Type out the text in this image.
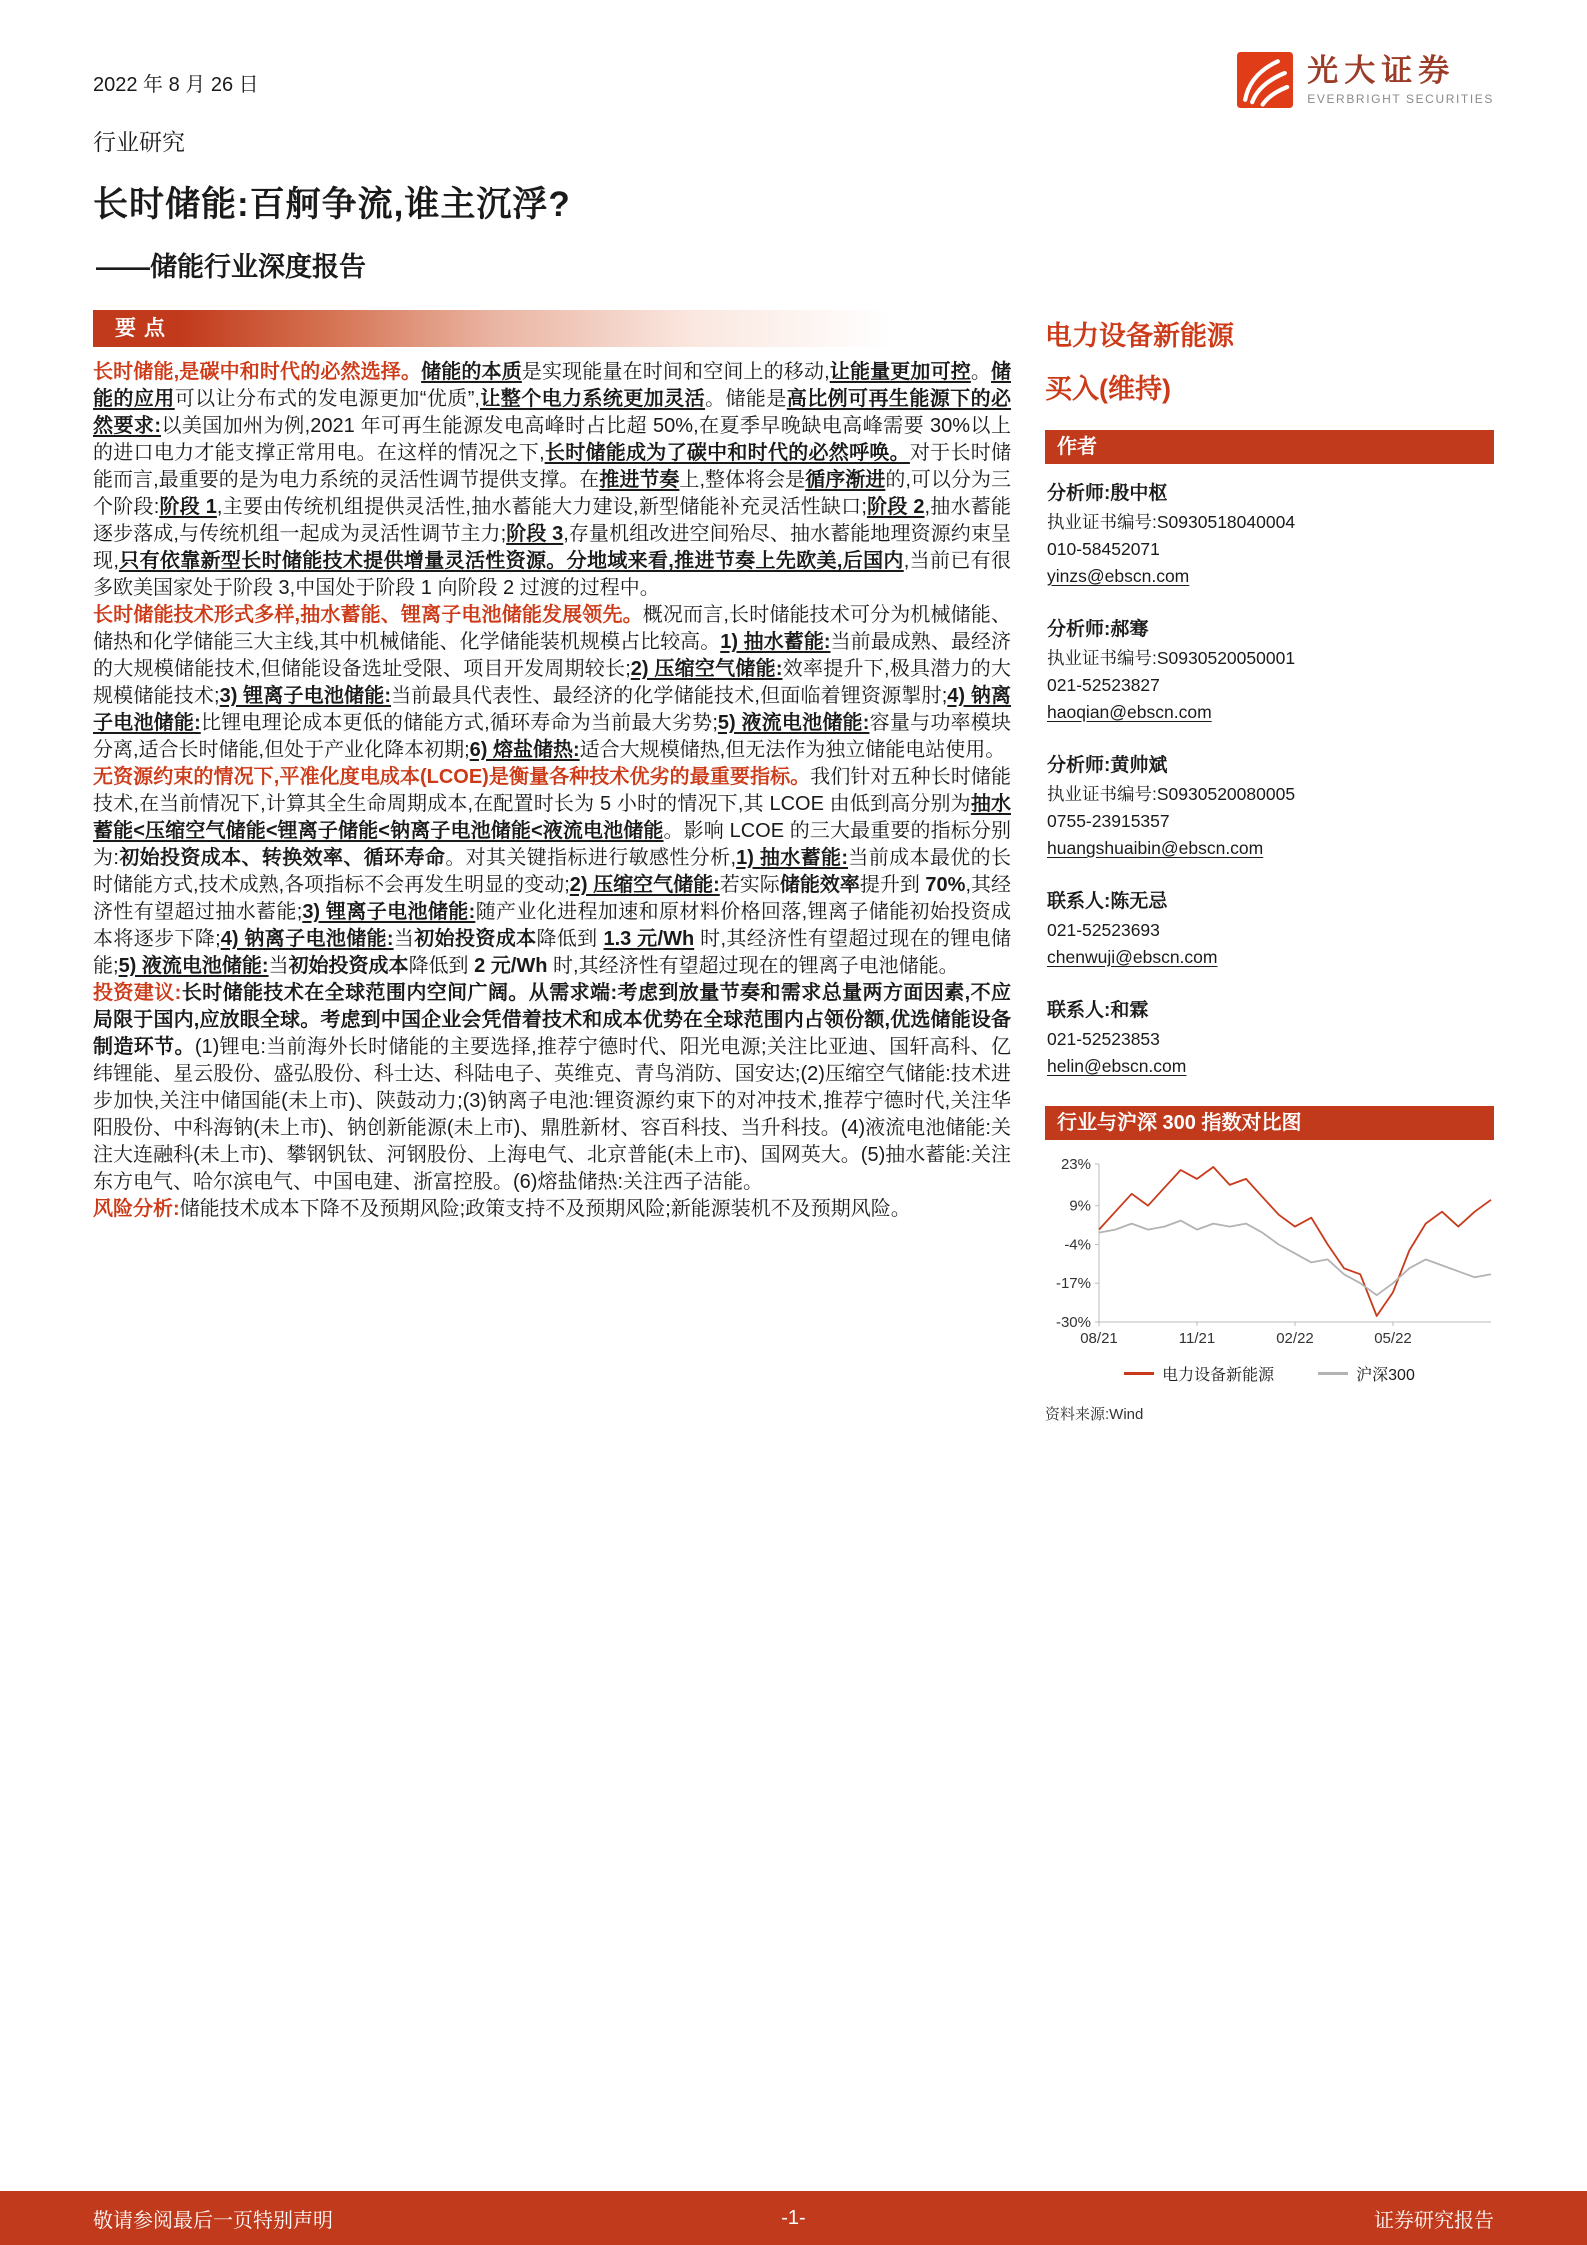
2022 年 8 月 26 日	光大证券
EVERBRIGHT SECURITIES
行业研究
长时储能:百舸争流,谁主沉浮?
——储能行业深度报告
要点

长时储能,是碳中和时代的必然选择。储能的本质是实现能量在时间和空间上的移动,让能量更加可控。储能的应用可以让分布式的发电源更加“优质”,让整个电力系统更加灵活。储能是高比例可再生能源下的必然要求:以美国加州为例,2021 年可再生能源发电高峰时占比超 50%,在夏季早晚缺电高峰需要 30%以上的进口电力才能支撑正常用电。在这样的情况之下,长时储能成为了碳中和时代的必然呼唤。对于长时储能而言,最重要的是为电力系统的灵活性调节提供支撑。在推进节奏上,整体将会是循序渐进的,可以分为三个阶段:阶段 1,主要由传统机组提供灵活性,抽水蓄能大力建设,新型储能补充灵活性缺口;阶段 2,抽水蓄能逐步落成,与传统机组一起成为灵活性调节主力;阶段 3,存量机组改进空间殆尽、抽水蓄能地理资源约束呈现,只有依靠新型长时储能技术提供增量灵活性资源。分地域来看,推进节奏上先欧美,后国内,当前已有很多欧美国家处于阶段 3,中国处于阶段 1 向阶段 2 过渡的过程中。

长时储能技术形式多样,抽水蓄能、锂离子电池储能发展领先。概况而言,长时储能技术可分为机械储能、储热和化学储能三大主线,其中机械储能、化学储能装机规模占比较高。1) 抽水蓄能:当前最成熟、最经济的大规模储能技术,但储能设备选址受限、项目开发周期较长;2) 压缩空气储能:效率提升下,极具潜力的大规模储能技术;3) 锂离子电池储能:当前最具代表性、最经济的化学储能技术,但面临着锂资源掣肘;4) 钠离子电池储能:比锂电理论成本更低的储能方式,循环寿命为当前最大劣势;5) 液流电池储能:容量与功率模块分离,适合长时储能,但处于产业化降本初期;6) 熔盐储热:适合大规模储热,但无法作为独立储能电站使用。

无资源约束的情况下,平准化度电成本(LCOE)是衡量各种技术优劣的最重要指标。我们针对五种长时储能技术,在当前情况下,计算其全生命周期成本,在配置时长为 5 小时的情况下,其 LCOE 由低到高分别为抽水蓄能<压缩空气储能<锂离子储能<钠离子电池储能<液流电池储能。影响 LCOE 的三大最重要的指标分别为:初始投资成本、转换效率、循环寿命。对其关键指标进行敏感性分析,1) 抽水蓄能:当前成本最优的长时储能方式,技术成熟,各项指标不会再发生明显的变动;2) 压缩空气储能:若实际储能效率提升到 70%,其经济性有望超过抽水蓄能;3) 锂离子电池储能:随产业化进程加速和原材料价格回落,锂离子储能初始投资成本将逐步下降;4) 钠离子电池储能:当初始投资成本降低到 1.3 元/Wh 时,其经济性有望超过现在的锂电储能;5) 液流电池储能:当初始投资成本降低到 2 元/Wh 时,其经济性有望超过现在的锂离子电池储能。

投资建议:长时储能技术在全球范围内空间广阔。从需求端:考虑到放量节奏和需求总量两方面因素,不应局限于国内,应放眼全球。考虑到中国企业会凭借着技术和成本优势在全球范围内占领份额,优选储能设备制造环节。(1)锂电:当前海外长时储能的主要选择,推荐宁德时代、阳光电源;关注比亚迪、国轩高科、亿纬锂能、星云股份、盛弘股份、科士达、科陆电子、英维克、青鸟消防、国安达;(2)压缩空气储能:技术进步加快,关注中储国能(未上市)、陕鼓动力;(3)钠离子电池:锂资源约束下的对冲技术,推荐宁德时代,关注华阳股份、中科海钠(未上市)、钠创新能源(未上市)、鼎胜新材、容百科技、当升科技。(4)液流电池储能:关注大连融科(未上市)、攀钢钒钛、河钢股份、上海电气、北京普能(未上市)、国网英大。(5)抽水蓄能:关注东方电气、哈尔滨电气、中国电建、浙富控股。(6)熔盐储热:关注西子洁能。

风险分析:储能技术成本下降不及预期风险;政策支持不及预期风险;新能源装机不及预期风险。

电力设备新能源
买入(维持)
作者
分析师:殷中枢
执业证书编号:S0930518040004
010-58452071
yinzs@ebscn.com
分析师:郝骞
执业证书编号:S0930520050001
021-52523827
haoqian@ebscn.com
分析师:黄帅斌
执业证书编号:S0930520080005
0755-23915357
huangshuaibin@ebscn.com
联系人:陈无忌
021-52523693
chenwuji@ebscn.com
联系人:和霖
021-52523853
helin@ebscn.com
行业与沪深 300 指数对比图
23%
9%
-4%
-17%
-30%
08/21	11/21	02/22	05/22
电力设备新能源	沪深300
资料来源:Wind
敬请参阅最后一页特别声明	-1-	证券研究报告
